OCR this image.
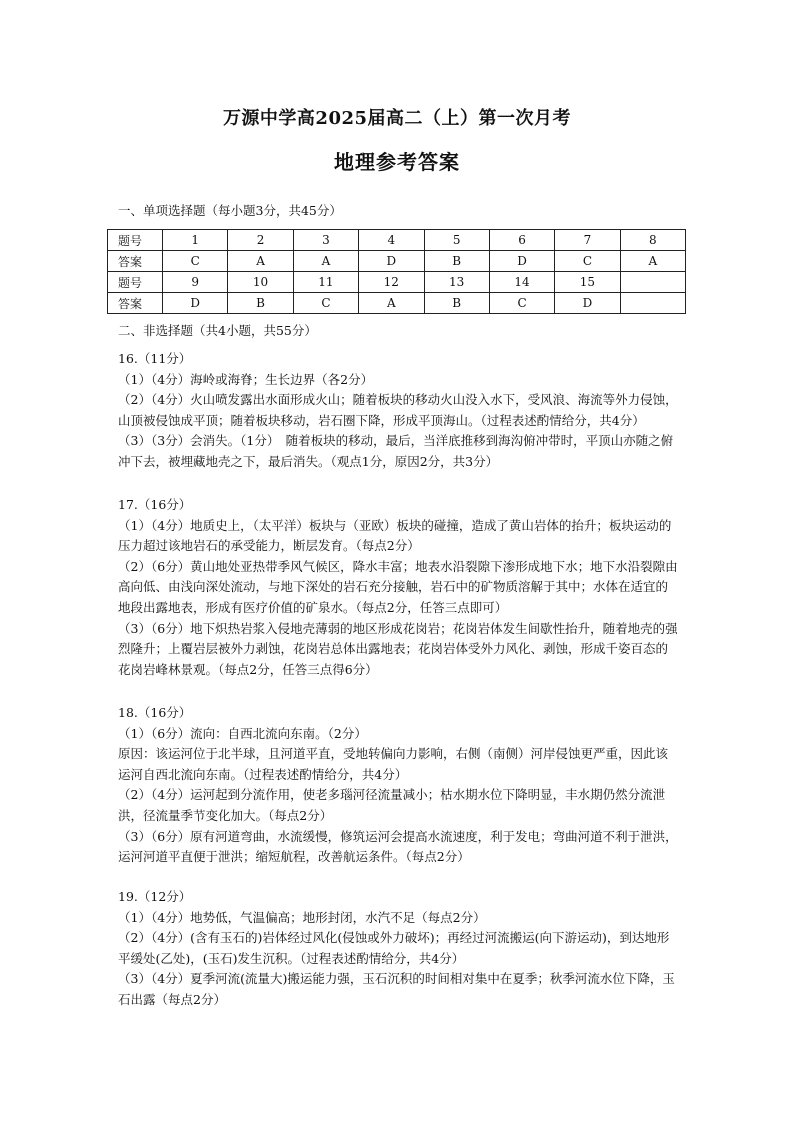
万源中学高2025届高二（上）第一次月考
地理参考答案
一、单项选择题（每小题3分，共45分）
题号	1	2	3	4	5	6	7	8
答案	C	A	A	D	B	D	C	A
题号	9	10	11	12	13	14	15	
答案	D	B	C	A	B	C	D	
二、非选择题（共4小题，共55分）

16.（11分）

（1）（4分）海岭或海脊；生长边界（各2分）

（2）（4分）火山喷发露出水面形成火山；随着板块的移动火山没入水下，受风浪、海流等外力侵蚀，山顶被侵蚀成平顶；随着板块移动，岩石圈下降，形成平顶海山。（过程表述酌情给分，共4分）

（3）（3分）会消失。（1分）　随着板块的移动，最后，当洋底推移到海沟俯冲带时，平顶山亦随之俯冲下去，被埋藏地壳之下，最后消失。（观点1分，原因2分，共3分）

17.（16分）

（1）（4分）地质史上，（太平洋）板块与（亚欧）板块的碰撞，造成了黄山岩体的抬升；板块运动的压力超过该地岩石的承受能力，断层发育。（每点2分）

（2）（6分）黄山地处亚热带季风气候区，降水丰富；地表水沿裂隙下渗形成地下水；地下水沿裂隙由高向低、由浅向深处流动，与地下深处的岩石充分接触，岩石中的矿物质溶解于其中；水体在适宜的地段出露地表，形成有医疗价值的矿泉水。（每点2分，任答三点即可）

（3）（6分）地下炽热岩浆入侵地壳薄弱的地区形成花岗岩；花岗岩体发生间歇性抬升，随着地壳的强烈隆升；上覆岩层被外力剥蚀，花岗岩总体出露地表；花岗岩体受外力风化、剥蚀，形成千姿百态的花岗岩峰林景观。（每点2分，任答三点得6分）

18.（16分）

（1）（6分）流向：自西北流向东南。（2分）

原因：该运河位于北半球，且河道平直，受地转偏向力影响，右侧（南侧）河岸侵蚀更严重，因此该运河自西北流向东南。（过程表述酌情给分，共4分）

（2）（4分）运河起到分流作用，使老多瑙河径流量减小；枯水期水位下降明显，丰水期仍然分流泄洪，径流量季节变化加大。（每点2分）

（3）（6分）原有河道弯曲，水流缓慢，修筑运河会提高水流速度，利于发电；弯曲河道不利于泄洪，运河河道平直便于泄洪；缩短航程，改善航运条件。（每点2分）

19.（12分）

（1）（4分）地势低，气温偏高；地形封闭，水汽不足（每点2分）

（2）（4分）(含有玉石的)岩体经过风化(侵蚀或外力破坏)；再经过河流搬运(向下游运动)，到达地形平缓处(乙处)，(玉石)发生沉积。（过程表述酌情给分，共4分）

（3）（4分）夏季河流(流量大)搬运能力强，玉石沉积的时间相对集中在夏季；秋季河流水位下降，玉石出露（每点2分）
